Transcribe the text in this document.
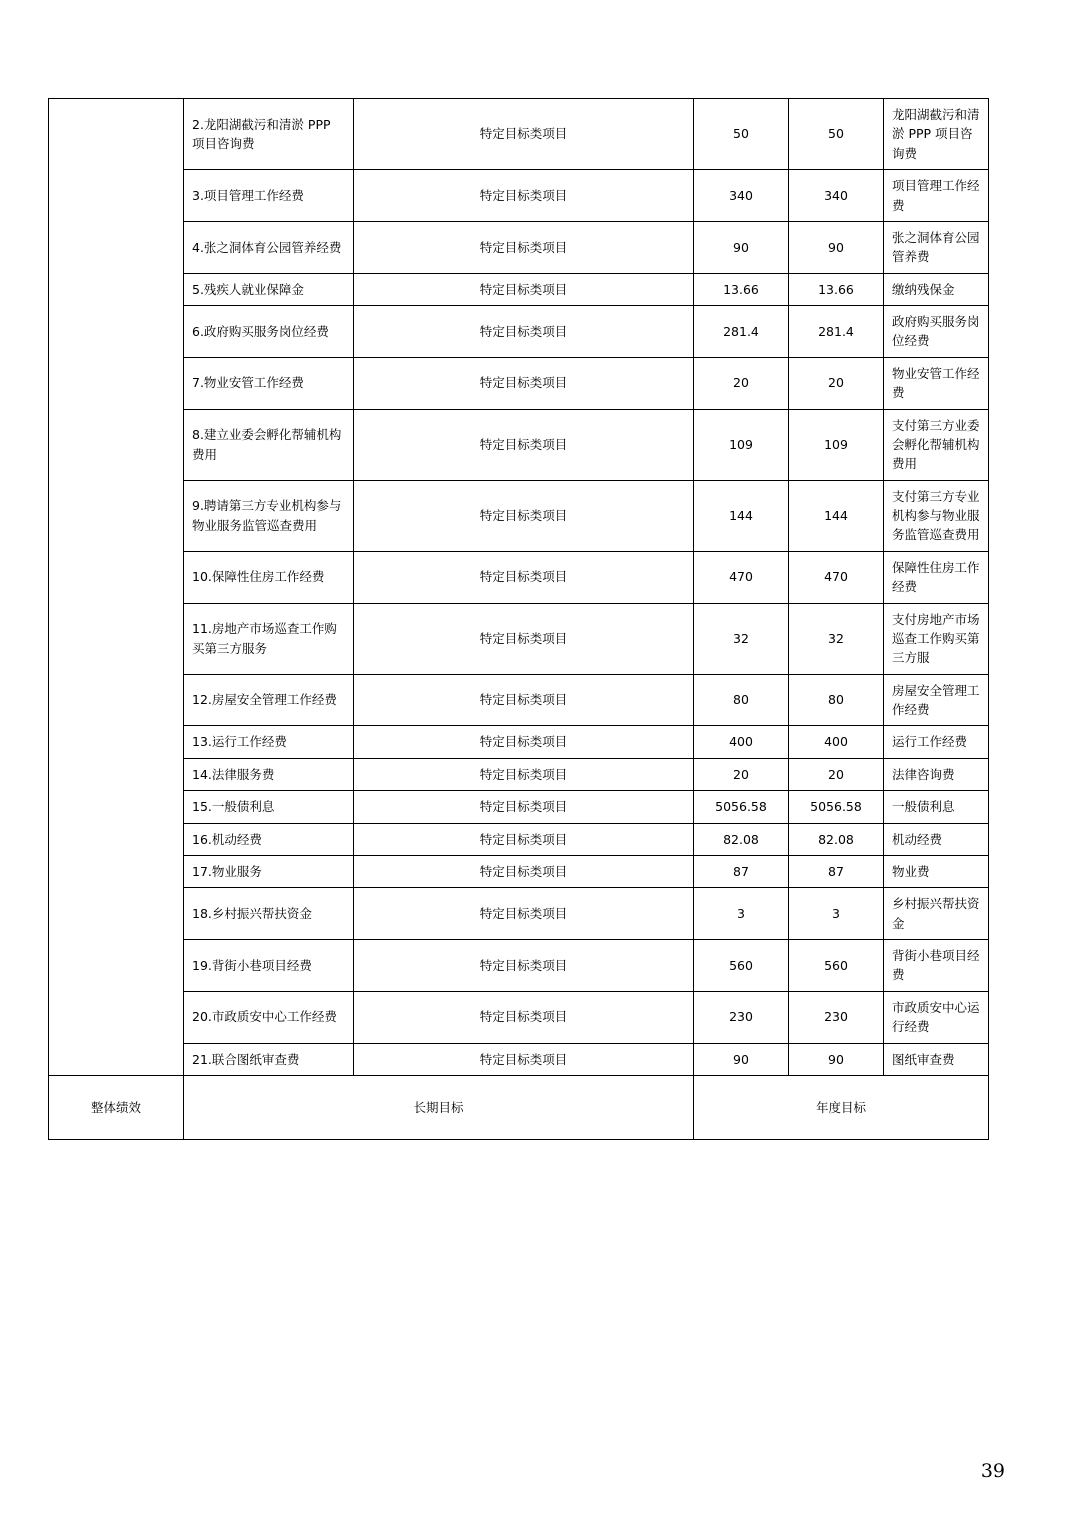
	2.龙阳湖截污和清淤 PPP 项目咨询费	特定目标类项目	50	50	龙阳湖截污和清淤 PPP 项目咨询费
	3.项目管理工作经费	特定目标类项目	340	340	项目管理工作经费
	4.张之洞体育公园管养经费	特定目标类项目	90	90	张之洞体育公园管养费
	5.残疾人就业保障金	特定目标类项目	13.66	13.66	缴纳残保金
	6.政府购买服务岗位经费	特定目标类项目	281.4	281.4	政府购买服务岗位经费
	7.物业安管工作经费	特定目标类项目	20	20	物业安管工作经费
	8.建立业委会孵化帮辅机构费用	特定目标类项目	109	109	支付第三方业委会孵化帮辅机构费用
	9.聘请第三方专业机构参与物业服务监管巡查费用	特定目标类项目	144	144	支付第三方专业机构参与物业服务监管巡查费用
	10.保障性住房工作经费	特定目标类项目	470	470	保障性住房工作经费
	11.房地产市场巡查工作购买第三方服务	特定目标类项目	32	32	支付房地产市场巡查工作购买第三方服
	12.房屋安全管理工作经费	特定目标类项目	80	80	房屋安全管理工作经费
	13.运行工作经费	特定目标类项目	400	400	运行工作经费
	14.法律服务费	特定目标类项目	20	20	法律咨询费
	15.一般债利息	特定目标类项目	5056.58	5056.58	一般债利息
	16.机动经费	特定目标类项目	82.08	82.08	机动经费
	17.物业服务	特定目标类项目	87	87	物业费
	18.乡村振兴帮扶资金	特定目标类项目	3	3	乡村振兴帮扶资金
	19.背街小巷项目经费	特定目标类项目	560	560	背街小巷项目经费
	20.市政质安中心工作经费	特定目标类项目	230	230	市政质安中心运行经费
	21.联合图纸审查费	特定目标类项目	90	90	图纸审查费
整体绩效	长期目标		年度目标		
39
